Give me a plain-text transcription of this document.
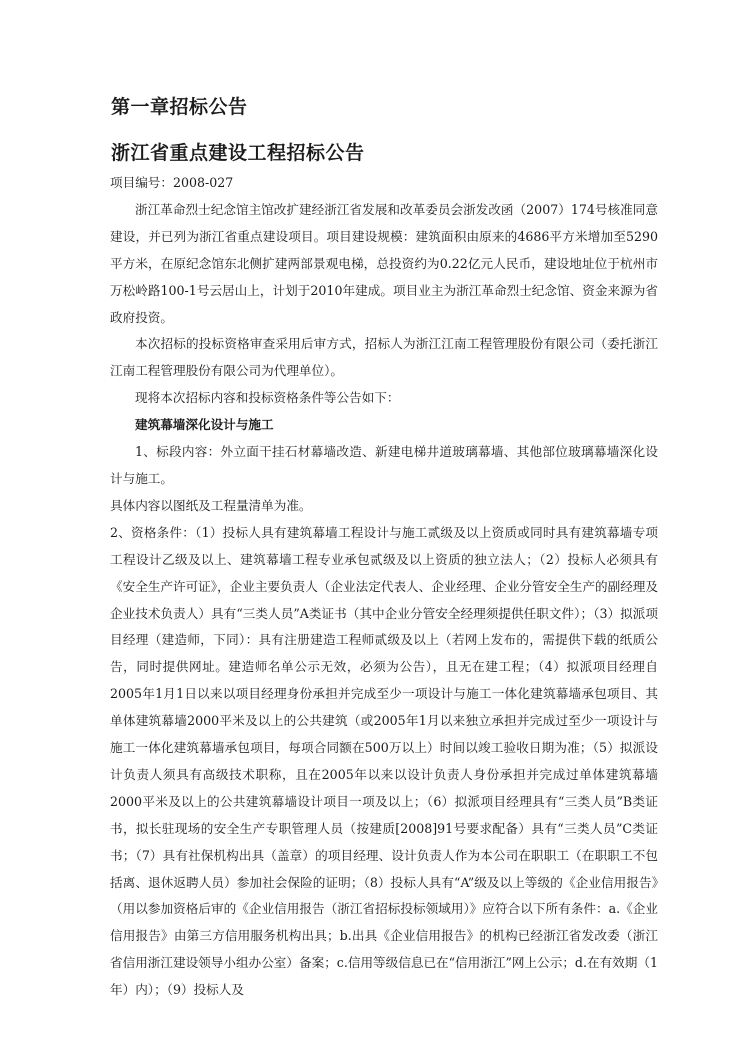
第一章招标公告

浙江省重点建设工程招标公告

项目编号：2008-027

浙江革命烈士纪念馆主馆改扩建经浙江省发展和改革委员会浙发改函（2007）174号核准同意建设，并已列为浙江省重点建设项目。项目建设规模：建筑面积由原来的4686平方米增加至5290平方米，在原纪念馆东北侧扩建两部景观电梯，总投资约为0.22亿元人民币，建设地址位于杭州市万松岭路100-1号云居山上，计划于2010年建成。项目业主为浙江革命烈士纪念馆、资金来源为省政府投资。

本次招标的投标资格审查采用后审方式，招标人为浙江江南工程管理股份有限公司（委托浙江江南工程管理股份有限公司为代理单位）。

现将本次招标内容和投标资格条件等公告如下：

建筑幕墙深化设计与施工

1、标段内容：外立面干挂石材幕墙改造、新建电梯井道玻璃幕墙、其他部位玻璃幕墙深化设计与施工。

具体内容以图纸及工程量清单为准。

2、资格条件：（1）投标人具有建筑幕墙工程设计与施工贰级及以上资质或同时具有建筑幕墙专项工程设计乙级及以上、建筑幕墙工程专业承包贰级及以上资质的独立法人；（2）投标人必须具有《安全生产许可证》，企业主要负责人（企业法定代表人、企业经理、企业分管安全生产的副经理及企业技术负责人）具有“三类人员”A类证书（其中企业分管安全经理须提供任职文件）；（3）拟派项目经理（建造师，下同）：具有注册建造工程师贰级及以上（若网上发布的，需提供下载的纸质公告，同时提供网址。建造师名单公示无效，必须为公告），且无在建工程；（4）拟派项目经理自2005年1月1日以来以项目经理身份承担并完成至少一项设计与施工一体化建筑幕墙承包项目、其单体建筑幕墙2000平米及以上的公共建筑（或2005年1月以来独立承担并完成过至少一项设计与施工一体化建筑幕墙承包项目，每项合同额在500万以上）时间以竣工验收日期为准；（5）拟派设计负责人须具有高级技术职称，且在2005年以来以设计负责人身份承担并完成过单体建筑幕墙2000平米及以上的公共建筑幕墙设计项目一项及以上；（6）拟派项目经理具有“三类人员”B类证书，拟长驻现场的安全生产专职管理人员（按建质[2008]91号要求配备）具有“三类人员”C类证书；（7）具有社保机构出具（盖章）的项目经理、设计负责人作为本公司在职职工（在职职工不包括离、退休返聘人员）参加社会保险的证明；（8）投标人具有“A”级及以上等级的《企业信用报告》（用以参加资格后审的《企业信用报告（浙江省招标投标领域用）》应符合以下所有条件：a.《企业信用报告》由第三方信用服务机构出具；b.出具《企业信用报告》的机构已经浙江省发改委（浙江省信用浙江建设领导小组办公室）备案；c.信用等级信息已在“信用浙江”网上公示；d.在有效期（1年）内）；（9）投标人及
